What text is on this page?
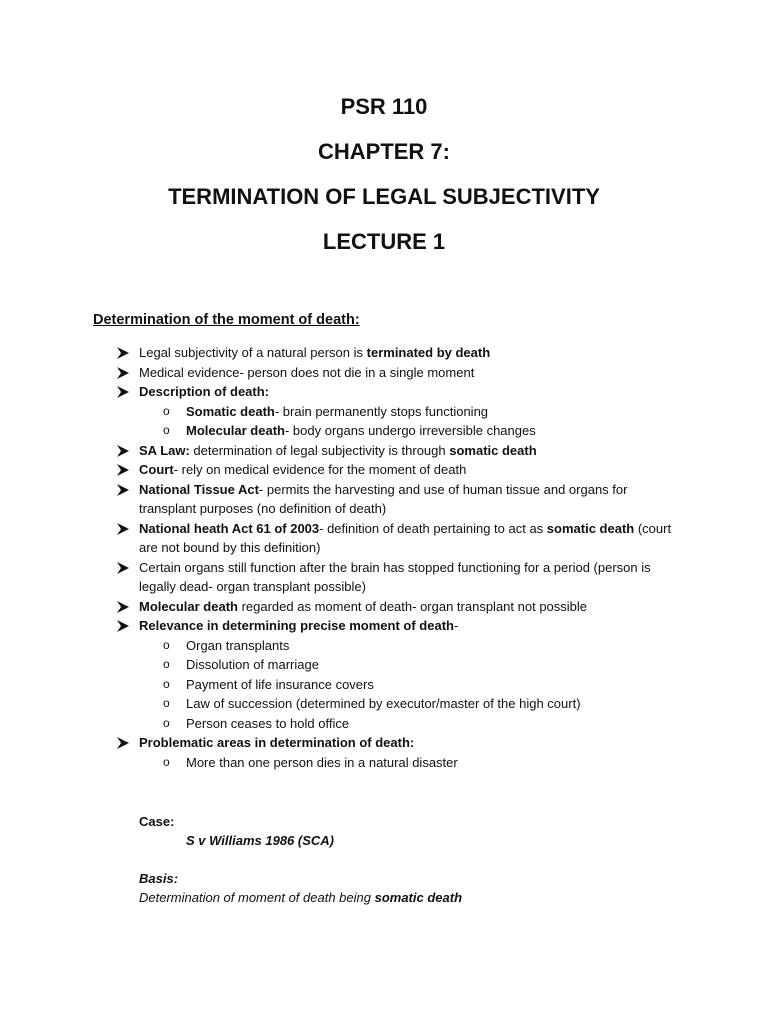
PSR 110

CHAPTER 7:

TERMINATION OF LEGAL SUBJECTIVITY

LECTURE 1

Determination of the moment of death:

Legal subjectivity of a natural person is terminated by death
Medical evidence- person does not die in a single moment
Description of death:
o Somatic death- brain permanently stops functioning
o Molecular death- body organs undergo irreversible changes
SA Law: determination of legal subjectivity is through somatic death
Court- rely on medical evidence for the moment of death
National Tissue Act- permits the harvesting and use of human tissue and organs for transplant purposes (no definition of death)
National heath Act 61 of 2003- definition of death pertaining to act as somatic death (court are not bound by this definition)
Certain organs still function after the brain has stopped functioning for a period (person is legally dead- organ transplant possible)
Molecular death regarded as moment of death- organ transplant not possible
Relevance in determining precise moment of death-
o Organ transplants
o Dissolution of marriage
o Payment of life insurance covers
o Law of succession (determined by executor/master of the high court)
o Person ceases to hold office
Problematic areas in determination of death:
o More than one person dies in a natural disaster
Case:
S v Williams 1986 (SCA)
Basis:
Determination of moment of death being somatic death
